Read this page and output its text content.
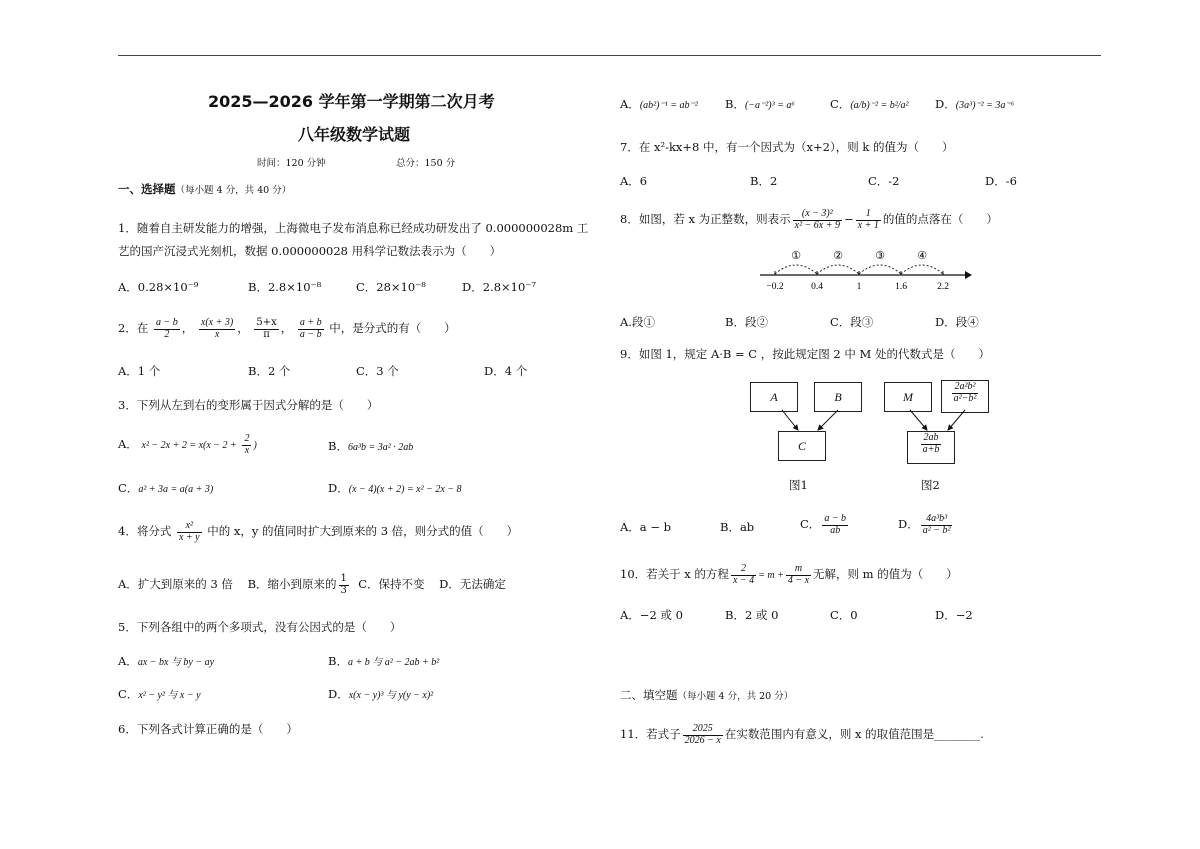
2025—2026 学年第一学期第二次月考
八年级数学试题
时间：120 分钟	总分：150 分
一、选择题（每小题 4 分，共 40 分）
1．随着自主研发能力的增强，上海微电子发布消息称已经成功研发出了 0.000000028m 工
艺的国产沉浸式光刻机，数据 0.000000028 用科学记数法表示为（　　）
A．0.28×10⁻⁹	B．2.8×10⁻⁸	C．28×10⁻⁸	D．2.8×10⁻⁷
2．在 $\frac{a - b}{2}$ ， $\frac{x(x + 3)}{x}$ ， $\frac{5+x}{\pi}$ ， $\frac{a + b}{a - b}$ 中，是分式的有（　　）
A．1 个	B．2 个	C．3 个	D．4 个
3．下列从左到右的变形属于因式分解的是（　　）
A． $x^2 - 2x + 2 = x(x - 2 + \frac{2}{x}$ )	B．6a³b = 3a² · 2ab
C．a² + 3a = a(a + 3)	D．(x − 4)(x + 2) = x² − 2x − 8
4．将分式 $\frac{\text{x²}}{x + y}$ 中的 x，y 的值同时扩大到原来的 3 倍，则分式的值（　　）
A．扩大到原来的 3 倍 B．缩小到原来的 $\frac{1}{3}$ C．保持不变 D．无法确定
5．下列各组中的两个多项式，没有公因式的是（　　）
A．ax − bx 与 by − ay	B．a + b 与 a² − 2ab + b²
C．x² − y² 与 x − y	D．x(x − y)³ 与 y(y − x)²
6．下列各式计算正确的是（　　）
A．(ab²)⁻¹ = ab⁻² B．(−a⁻²)³ = a⁶	C．(a/b)⁻² = b²/a² D．(3a³)⁻² = 3a⁻⁶
7．在 x²-kx+8 中，有一个因式为（x+2），则 k 的值为（　　）
A．6	B．2	C．-2	D．-6
8．如图，若 x 为正整数，则表示 $\frac{\text{(x − 3)²}}{\text{x² − 6x + 9}} - \frac{1}{x + 1}$ 的值的点落在（　　）
−0.2	0.4	1	1.6	2.2
①	②	③	④
A.段①	B．段②	C．段③	D．段④
9．如图 1，规定 A·B = C ，按此规定图 2 中 M 处的代数式是（　　）
A	B
C
M	$\frac{\text{2a²b²}}{\text{a²−b²}}$
$\frac{2ab}{a+b}$
图1	图2
A．a − b	B．ab	C． $\frac{a - b}{ab}$	D． $\frac{\text{4a³b³}}{\text{a² − b²}}$
10．若关于 x 的方程 $\frac{2}{x - 4} = m + \frac{m}{4 - x}$ 无解，则 m 的值为（　　）
A．−2 或 0	B．2 或 0	C．0	D．−2
二、填空题（每小题 4 分，共 20 分）
11．若式子 $\frac{2025}{2026 - x}$ 在实数范围内有意义，则 x 的取值范围是________.
